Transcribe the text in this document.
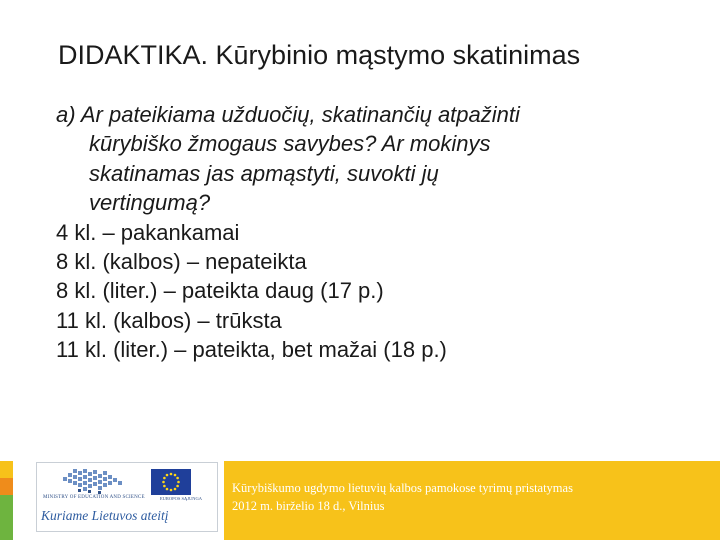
DIDAKTIKA. Kūrybinio mąstymo skatinimas
a) Ar pateikiama užduočių, skatinančių atpažinti
kūrybiško žmogaus savybes? Ar mokinys
skatinamas jas apmąstyti, suvokti jų
vertingumą?
4 kl. – pakankamai
8 kl. (kalbos) – nepateikta
8 kl. (liter.) – pateikta daug (17 p.)
11 kl. (kalbos) – trūksta
11 kl. (liter.) – pateikta, bet mažai (18 p.)
MINISTRY OF EDUCATION AND SCIENCE	EUROPOS SĄJUNGA
Kuriame Lietuvos ateitį
Kūrybiškumo ugdymo lietuvių kalbos pamokose tyrimų pristatymas
2012 m. birželio 18 d., Vilnius
